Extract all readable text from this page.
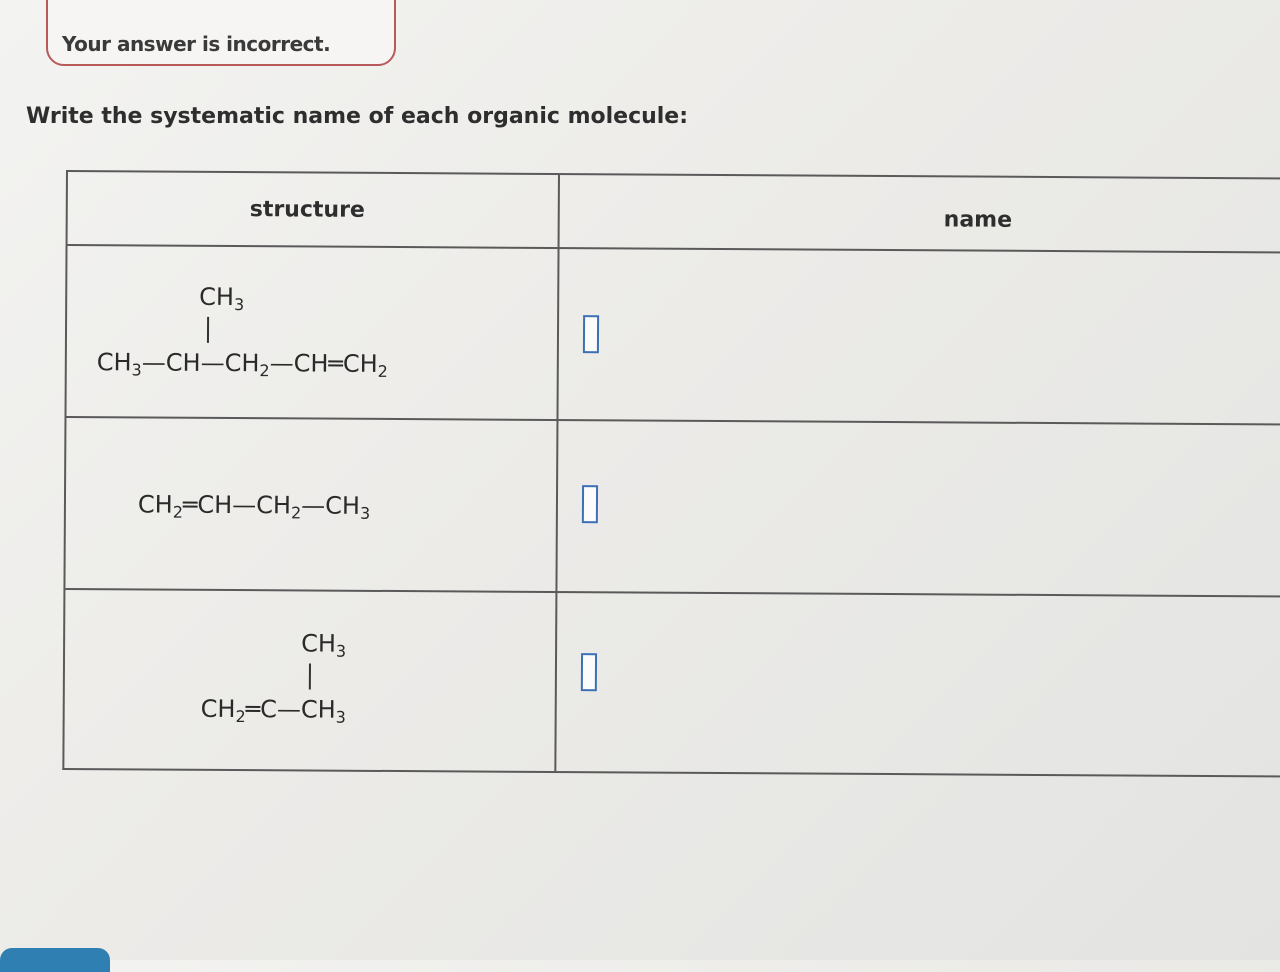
Your answer is incorrect.
Write the systematic name of each organic molecule:
structure	name
$CH_3$
$CH_3—CH—CH_2—CH═CH_2$
$CH_2═CH—CH_2—CH_3$
$CH_3$
$CH_2═C—CH_3$
